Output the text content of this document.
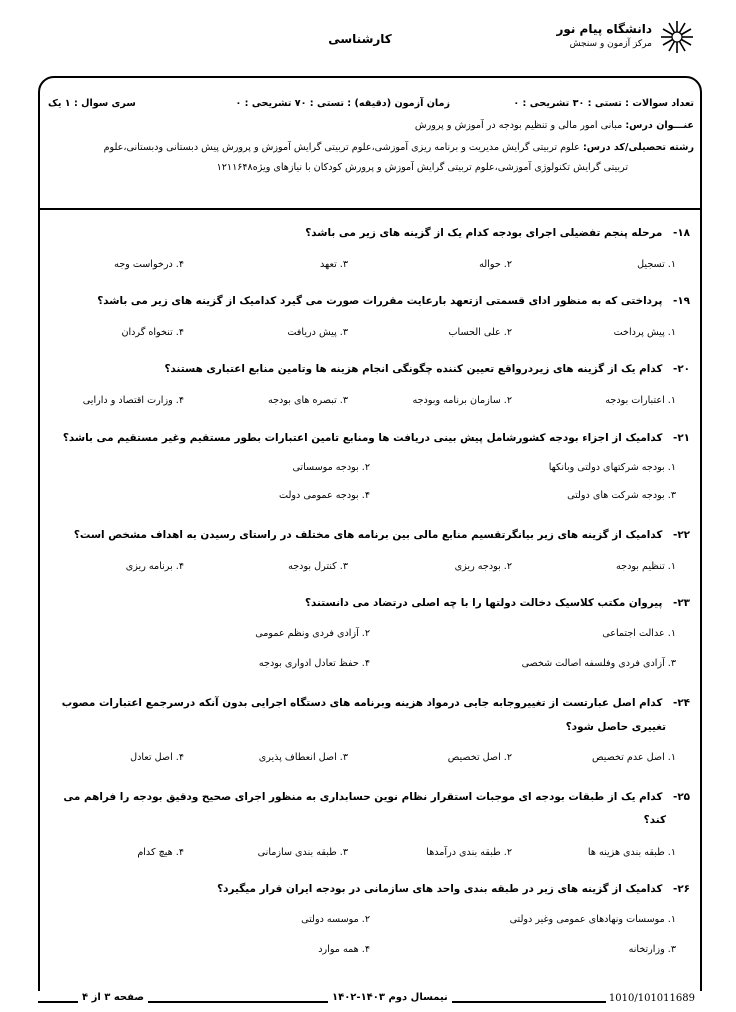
کارشناسی
دانشگاه پیام نور
مرکز آزمون و سنجش
تعداد سوالات : تستی : ۳۰ تشریحی : ۰
زمان آزمون (دقیقه) : تستی : ۷۰ تشریحی : ۰
سری سوال : ۱ یک
عنـــوان درس: مبانی امور مالی و تنظیم بودجه در آموزش و پرورش
رشته تحصیلی/کد درس: علوم تربیتی گرایش مدیریت و برنامه ریزی آموزشی،علوم تربیتی گرایش آموزش و پرورش پیش دبستانی ودبستانی،علوم
تربیتی گرایش تکنولوژی آموزشی،علوم تربیتی گرایش آموزش و پرورش کودکان با نیازهای ویژه۱۲۱۱۶۴۸
۱۸- مرحله پنجم تفضیلی اجرای بودجه کدام یک از گزینه های زیر می باشد؟
۱. تسجیل
۲. حواله
۳. تعهد
۴. درخواست وجه
۱۹- پرداختی که به منظور ادای قسمتی ازتعهد بارعایت مقررات صورت می گیرد کدامیک از گزینه های زیر می باشد؟
۱. پیش پرداخت
۲. علی الحساب
۳. پیش دریافت
۴. تنخواه گردان
۲۰- کدام یک از گزینه های زیردرواقع تعیین کننده چگونگی انجام هزینه ها وتامین منابع اعتباری هستند؟
۱. اعتبارات بودجه
۲. سازمان برنامه وبودجه
۳. تبصره های بودجه
۴. وزارت اقتصاد و دارایی
۲۱- کدامیک از اجزاء بودجه کشورشامل پیش بینی دریافت ها ومنابع تامین اعتبارات بطور مستقیم وغیر مستقیم می باشد؟
۱. بودجه شرکتهای دولتی وبانکها
۲. بودجه موسساتی
۳. بودجه شرکت های دولتی
۴. بودجه عمومی دولت
۲۲- کدامیک از گزینه های زیر بیانگرتقسیم منابع مالی بین برنامه های مختلف در راستای رسیدن به اهداف مشخص است؟
۱. تنظیم بودجه
۲. بودجه ریزی
۳. کنترل بودجه
۴. برنامه ریزی
۲۳- پیروان مکتب کلاسیک دخالت دولتها را با چه اصلی درتضاد می دانستند؟
۱. عدالت اجتماعی
۲. آزادی فردی ونظم عمومی
۳. آزادی فردی وفلسفه اصالت شخصی
۴. حفظ تعادل ادواری بودجه
۲۴- کدام اصل عبارتست از تغییروجابه جایی درمواد هزینه وبرنامه های دستگاه اجرایی بدون آنکه درسرجمع اعتبارات مصوب
تغییری حاصل شود؟
۱. اصل عدم تخصیص
۲. اصل تخصیص
۳. اصل انعطاف پذیری
۴. اصل تعادل
۲۵- کدام یک از طبقات بودجه ای موجبات استقرار نظام نوین حسابداری به منظور اجرای صحیح ودقیق بودجه را فراهم می
کند؟
۱. طبقه بندی هزینه ها
۲. طبقه بندی درآمدها
۳. طبقه بندی سازمانی
۴. هیچ کدام
۲۶- کدامیک از گزینه های زیر در طبقه بندی واحد های سازمانی در بودجه ایران قرار میگیرد؟
۱. موسسات ونهادهای عمومی وغیر دولتی
۲. موسسه دولتی
۳. وزارتخانه
۴. همه موارد
صفحه ۳ از ۴	نیمسال دوم ۱۴۰۳-۱۴۰۲	1010/101011689
